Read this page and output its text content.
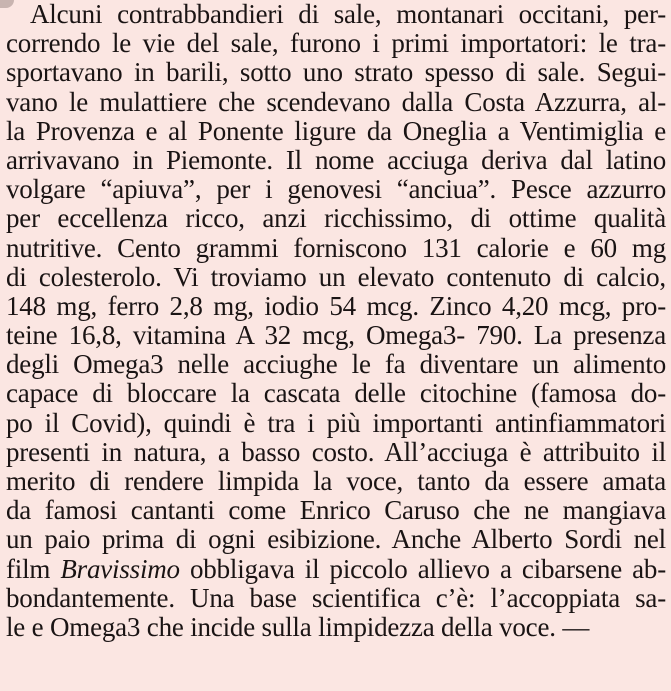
Alcuni contrabbandieri di sale, montanari occitani, per-
correndo le vie del sale, furono i primi importatori: le tra-
sportavano in barili, sotto uno strato spesso di sale. Segui-
vano le mulattiere che scendevano dalla Costa Azzurra, al-
la Provenza e al Ponente ligure da Oneglia a Ventimiglia e
arrivavano in Piemonte. Il nome acciuga deriva dal latino
volgare “apiuva”, per i genovesi “anciua”. Pesce azzurro
per eccellenza ricco, anzi ricchissimo, di ottime qualità
nutritive. Cento grammi forniscono 131 calorie e 60 mg
di colesterolo. Vi troviamo un elevato contenuto di calcio,
148 mg, ferro 2,8 mg, iodio 54 mcg. Zinco 4,20 mcg, pro-
teine 16,8, vitamina A 32 mcg, Omega3- 790. La presenza
degli Omega3 nelle acciughe le fa diventare un alimento
capace di bloccare la cascata delle citochine (famosa do-
po il Covid), quindi è tra i più importanti antinfiammatori
presenti in natura, a basso costo. All’acciuga è attribuito il
merito di rendere limpida la voce, tanto da essere amata
da famosi cantanti come Enrico Caruso che ne mangiava
un paio prima di ogni esibizione. Anche Alberto Sordi nel
film Bravissimo obbligava il piccolo allievo a cibarsene ab-
bondantemente. Una base scientifica c’è: l’accoppiata sa-
le e Omega3 che incide sulla limpidezza della voce. —
